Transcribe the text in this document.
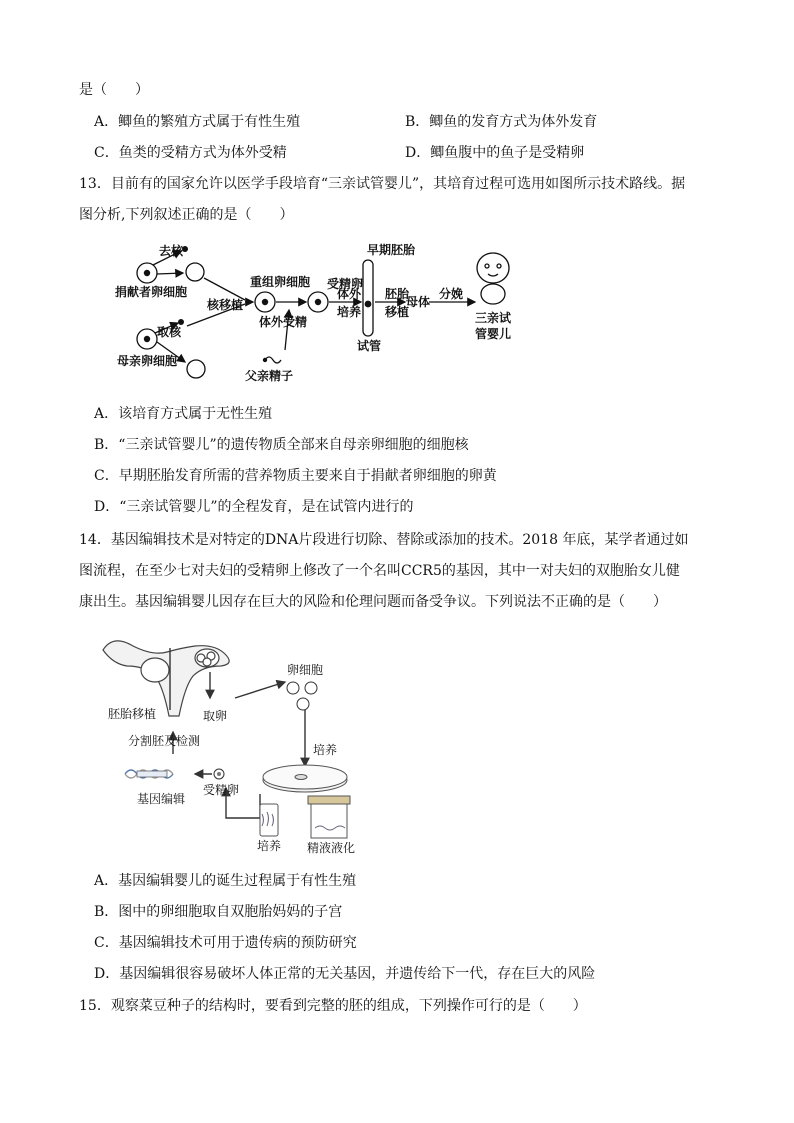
是（　　）
A．鲫鱼的繁殖方式属于有性生殖	B．鲫鱼的发育方式为体外发育
C．鱼类的受精方式为体外受精	D．鲫鱼腹中的鱼子是受精卵
13．目前有的国家允许以医学手段培育“三亲试管婴儿”，其培育过程可选用如图所示技术路线。据
图分析,下列叙述正确的是（　　）
去核
捐献者卵细胞
取核
母亲卵细胞
重组卵细胞
核移植
体外受精
受精卵
体外
培养
早期胚胎
试管
胚胎
移植
母体
分娩
三亲试
管婴儿
父亲精子
A．该培育方式属于无性生殖
B．“三亲试管婴儿”的遗传物质全部来自母亲卵细胞的细胞核
C．早期胚胎发育所需的营养物质主要来自于捐献者卵细胞的卵黄
D．“三亲试管婴儿”的全程发育，是在试管内进行的
14．基因编辑技术是对特定的DNA片段进行切除、替除或添加的技术。2018 年底，某学者通过如
图流程，在至少七对夫妇的受精卵上修改了一个名叫CCR5的基因，其中一对夫妇的双胞胎女儿健
康出生。基因编辑婴儿因存在巨大的风险和伦理问题而备受争议。下列说法不正确的是（　　）
胚胎移植	取卵
卵细胞
培养
分割胚及检测
基因编辑
受精卵
培养 精液液化
A．基因编辑婴儿的诞生过程属于有性生殖
B．图中的卵细胞取自双胞胎妈妈的子宫
C．基因编辑技术可用于遗传病的预防研究
D．基因编辑很容易破坏人体正常的无关基因，并遗传给下一代，存在巨大的风险
15．观察菜豆种子的结构时，要看到完整的胚的组成，下列操作可行的是（　　）
